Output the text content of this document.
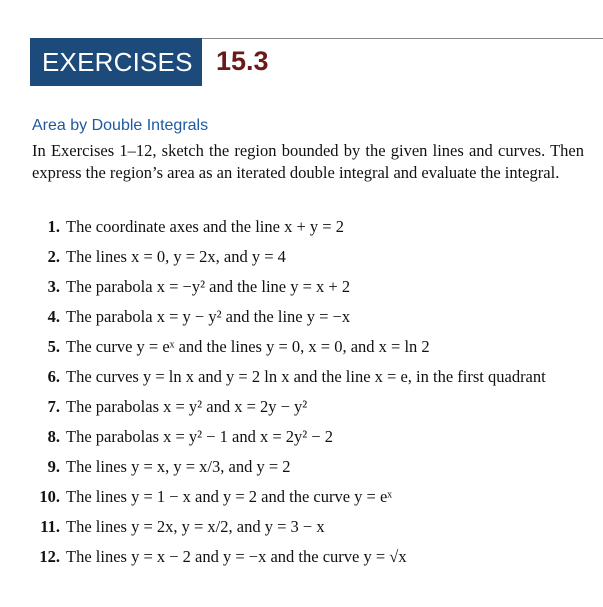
EXERCISES 15.3
Area by Double Integrals

In Exercises 1–12, sketch the region bounded by the given lines and curves. Then express the region’s area as an iterated double integral and evaluate the integral.

1. The coordinate axes and the line x + y = 2
2. The lines x = 0, y = 2x, and y = 4
3. The parabola x = −y² and the line y = x + 2
4. The parabola x = y − y² and the line y = −x
5. The curve y = eˣ and the lines y = 0, x = 0, and x = ln 2
6. The curves y = ln x and y = 2 ln x and the line x = e, in the first quadrant
7. The parabolas x = y² and x = 2y − y²
8. The parabolas x = y² − 1 and x = 2y² − 2
9. The lines y = x, y = x/3, and y = 2
10. The lines y = 1 − x and y = 2 and the curve y = eˣ
11. The lines y = 2x, y = x/2, and y = 3 − x
12. The lines y = x − 2 and y = −x and the curve y = √x
